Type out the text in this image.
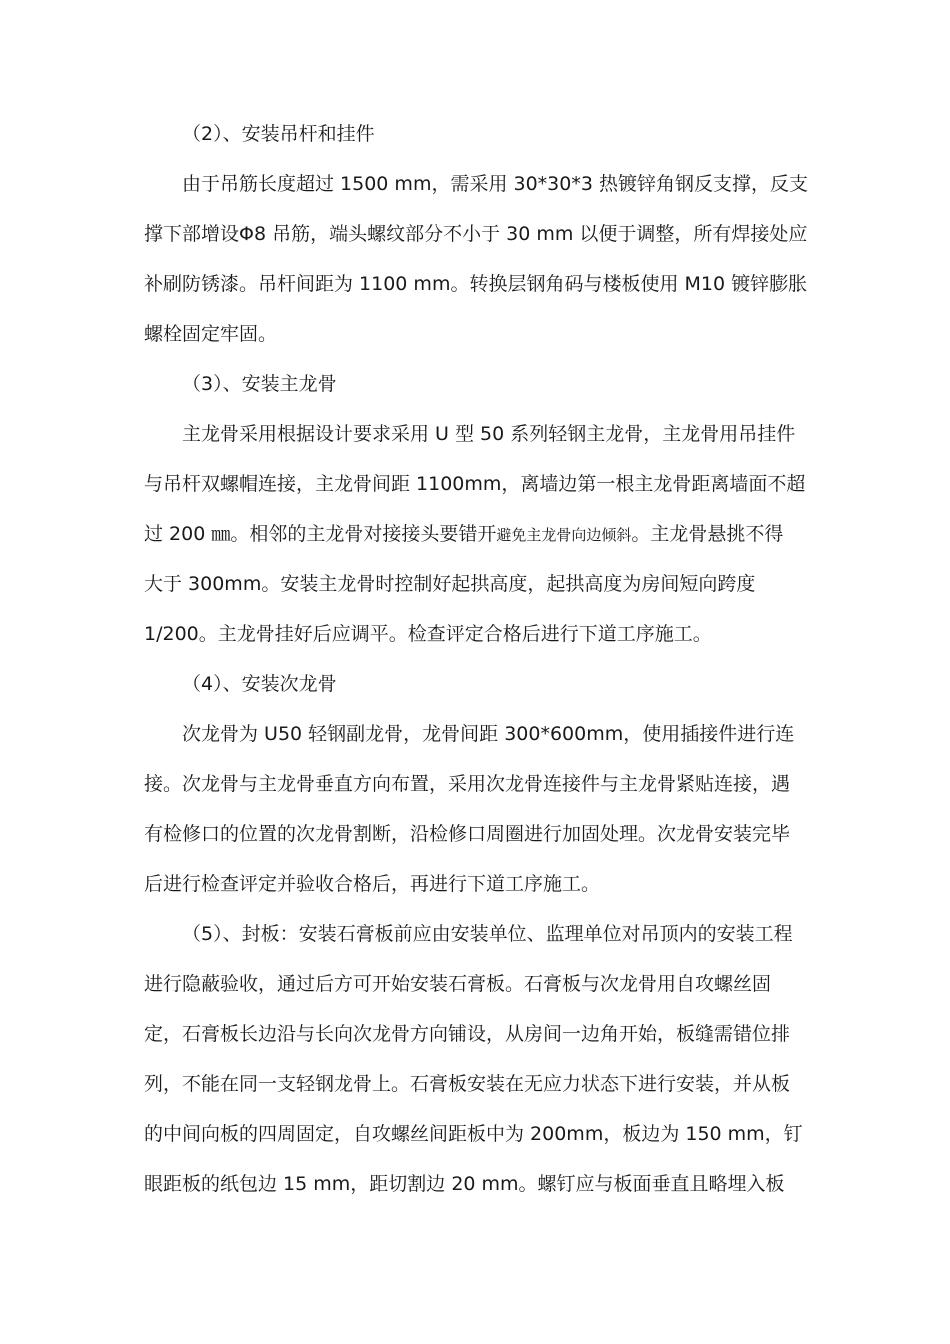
（2）、安装吊杆和挂件
由于吊筋长度超过 1500 mm，需采用 30*30*3 热镀锌角钢反支撑，反支
撑下部增设Φ8 吊筋，端头螺纹部分不小于 30 mm 以便于调整，所有焊接处应
补刷防锈漆。吊杆间距为 1100 mm。转换层钢角码与楼板使用 M10 镀锌膨胀
螺栓固定牢固。
（3）、安装主龙骨
主龙骨采用根据设计要求采用 U 型 50 系列轻钢主龙骨，主龙骨用吊挂件
与吊杆双螺帽连接，主龙骨间距 1100mm，离墙边第一根主龙骨距离墙面不超
过 200 ㎜。相邻的主龙骨对接接头要错开避免主龙骨向边倾斜。主龙骨悬挑不得
大于 300mm。安装主龙骨时控制好起拱高度，起拱高度为房间短向跨度
1/200。主龙骨挂好后应调平。检查评定合格后进行下道工序施工。
（4）、安装次龙骨
次龙骨为 U50 轻钢副龙骨，龙骨间距 300*600mm，使用插接件进行连
接。次龙骨与主龙骨垂直方向布置，采用次龙骨连接件与主龙骨紧贴连接，遇
有检修口的位置的次龙骨割断，沿检修口周圈进行加固处理。次龙骨安装完毕
后进行检查评定并验收合格后，再进行下道工序施工。
（5）、封板：安装石膏板前应由安装单位、监理单位对吊顶内的安装工程
进行隐蔽验收，通过后方可开始安装石膏板。石膏板与次龙骨用自攻螺丝固
定，石膏板长边沿与长向次龙骨方向铺设，从房间一边角开始，板缝需错位排
列，不能在同一支轻钢龙骨上。石膏板安装在无应力状态下进行安装，并从板
的中间向板的四周固定，自攻螺丝间距板中为 200mm，板边为 150 mm，钉
眼距板的纸包边 15 mm，距切割边 20 mm。螺钉应与板面垂直且略埋入板
